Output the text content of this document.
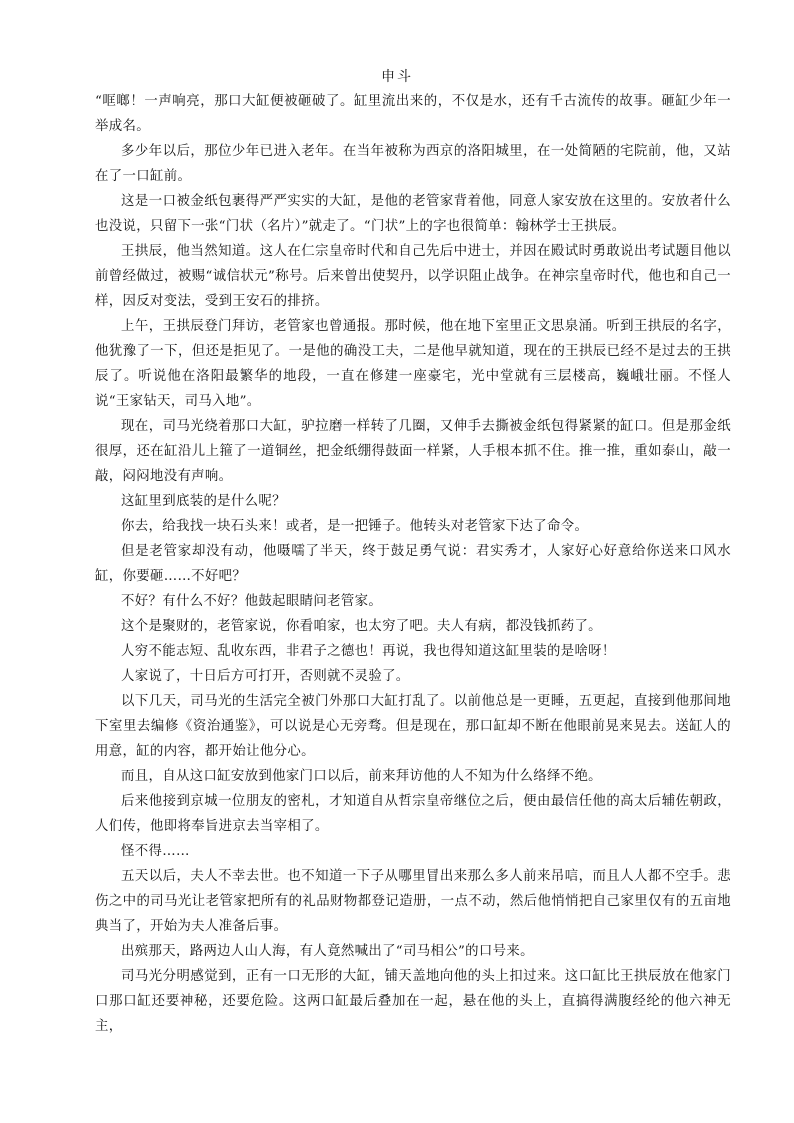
申斗

“哐啷！一声响亮，那口大缸便被砸破了。缸里流出来的，不仅是水，还有千古流传的故事。砸缸少年一举成名。

多少年以后，那位少年已进入老年。在当年被称为西京的洛阳城里，在一处简陋的宅院前，他，又站在了一口缸前。

这是一口被金纸包裹得严严实实的大缸，是他的老管家背着他，同意人家安放在这里的。安放者什么也没说，只留下一张“门状（名片）”就走了。“门状”上的字也很简单：翰林学士王拱辰。

王拱辰，他当然知道。这人在仁宗皇帝时代和自己先后中进士，并因在殿试时勇敢说出考试题目他以前曾经做过，被赐“诚信状元”称号。后来曾出使契丹，以学识阻止战争。在神宗皇帝时代，他也和自己一样，因反对变法，受到王安石的排挤。

上午，王拱辰登门拜访，老管家也曾通报。那时候，他在地下室里正文思泉涌。听到王拱辰的名字，他犹豫了一下，但还是拒见了。一是他的确没工夫，二是他早就知道，现在的王拱辰已经不是过去的王拱辰了。听说他在洛阳最繁华的地段，一直在修建一座豪宅，光中堂就有三层楼高，巍峨壮丽。不怪人说“王家钻天，司马入地”。

现在，司马光绕着那口大缸，驴拉磨一样转了几圈，又伸手去撕被金纸包得紧紧的缸口。但是那金纸很厚，还在缸沿儿上箍了一道铜丝，把金纸绷得鼓面一样紧，人手根本抓不住。推一推，重如泰山，敲一敲，闷闷地没有声响。

这缸里到底装的是什么呢？

你去，给我找一块石头来！或者，是一把锤子。他转头对老管家下达了命令。

但是老管家却没有动，他嗫嚅了半天，终于鼓足勇气说：君实秀才，人家好心好意给你送来口风水缸，你要砸……不好吧？

不好？有什么不好？他鼓起眼睛问老管家。

这个是聚财的，老管家说，你看咱家，也太穷了吧。夫人有病，都没钱抓药了。

人穷不能志短、乱收东西，非君子之德也！再说，我也得知道这缸里装的是啥呀！

人家说了，十日后方可打开，否则就不灵验了。

以下几天，司马光的生活完全被门外那口大缸打乱了。以前他总是一更睡，五更起，直接到他那间地下室里去编修《资治通鉴》，可以说是心无旁骛。但是现在，那口缸却不断在他眼前晃来晃去。送缸人的用意，缸的内容，都开始让他分心。

而且，自从这口缸安放到他家门口以后，前来拜访他的人不知为什么络绎不绝。

后来他接到京城一位朋友的密札，才知道自从哲宗皇帝继位之后，便由最信任他的高太后辅佐朝政，人们传，他即将奉旨进京去当宰相了。

怪不得……

五天以后，夫人不幸去世。也不知道一下子从哪里冒出来那么多人前来吊唁，而且人人都不空手。悲伤之中的司马光让老管家把所有的礼品财物都登记造册，一点不动，然后他悄悄把自己家里仅有的五亩地典当了，开始为夫人准备后事。

出殡那天，路两边人山人海，有人竟然喊出了“司马相公”的口号来。

司马光分明感觉到，正有一口无形的大缸，铺天盖地向他的头上扣过来。这口缸比王拱辰放在他家门口那口缸还要神秘，还要危险。这两口缸最后叠加在一起，悬在他的头上，直搞得满腹经纶的他六神无主，
